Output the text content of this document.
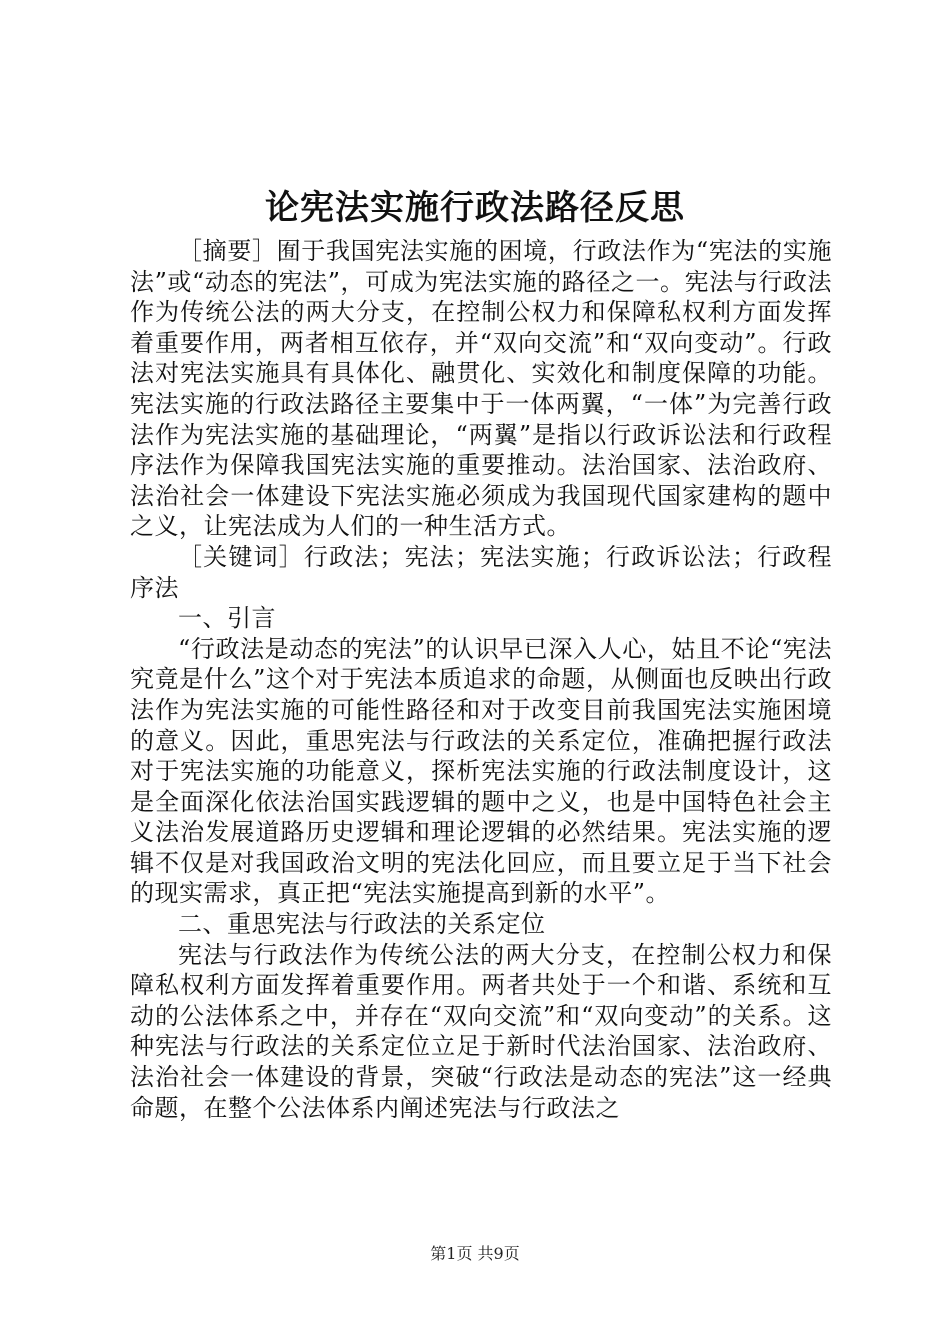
论宪法实施行政法路径反思

［摘要］囿于我国宪法实施的困境，行政法作为“宪法的实施法”或“动态的宪法”，可成为宪法实施的路径之一。宪法与行政法作为传统公法的两大分支，在控制公权力和保障私权利方面发挥着重要作用，两者相互依存，并“双向交流”和“双向变动”。行政法对宪法实施具有具体化、融贯化、实效化和制度保障的功能。宪法实施的行政法路径主要集中于一体两翼，“一体”为完善行政法作为宪法实施的基础理论，“两翼”是指以行政诉讼法和行政程序法作为保障我国宪法实施的重要推动。法治国家、法治政府、法治社会一体建设下宪法实施必须成为我国现代国家建构的题中之义，让宪法成为人们的一种生活方式。

［关键词］行政法；宪法；宪法实施；行政诉讼法；行政程序法

一、引言

“行政法是动态的宪法”的认识早已深入人心，姑且不论“宪法究竟是什么”这个对于宪法本质追求的命题，从侧面也反映出行政法作为宪法实施的可能性路径和对于改变目前我国宪法实施困境的意义。因此，重思宪法与行政法的关系定位，准确把握行政法对于宪法实施的功能意义，探析宪法实施的行政法制度设计，这是全面深化依法治国实践逻辑的题中之义，也是中国特色社会主义法治发展道路历史逻辑和理论逻辑的必然结果。宪法实施的逻辑不仅是对我国政治文明的宪法化回应，而且要立足于当下社会的现实需求，真正把“宪法实施提高到新的水平”。

二、重思宪法与行政法的关系定位

宪法与行政法作为传统公法的两大分支，在控制公权力和保障私权利方面发挥着重要作用。两者共处于一个和谐、系统和互动的公法体系之中，并存在“双向交流”和“双向变动”的关系。这种宪法与行政法的关系定位立足于新时代法治国家、法治政府、法治社会一体建设的背景，突破“行政法是动态的宪法”这一经典命题，在整个公法体系内阐述宪法与行政法之

第1页 共9页
